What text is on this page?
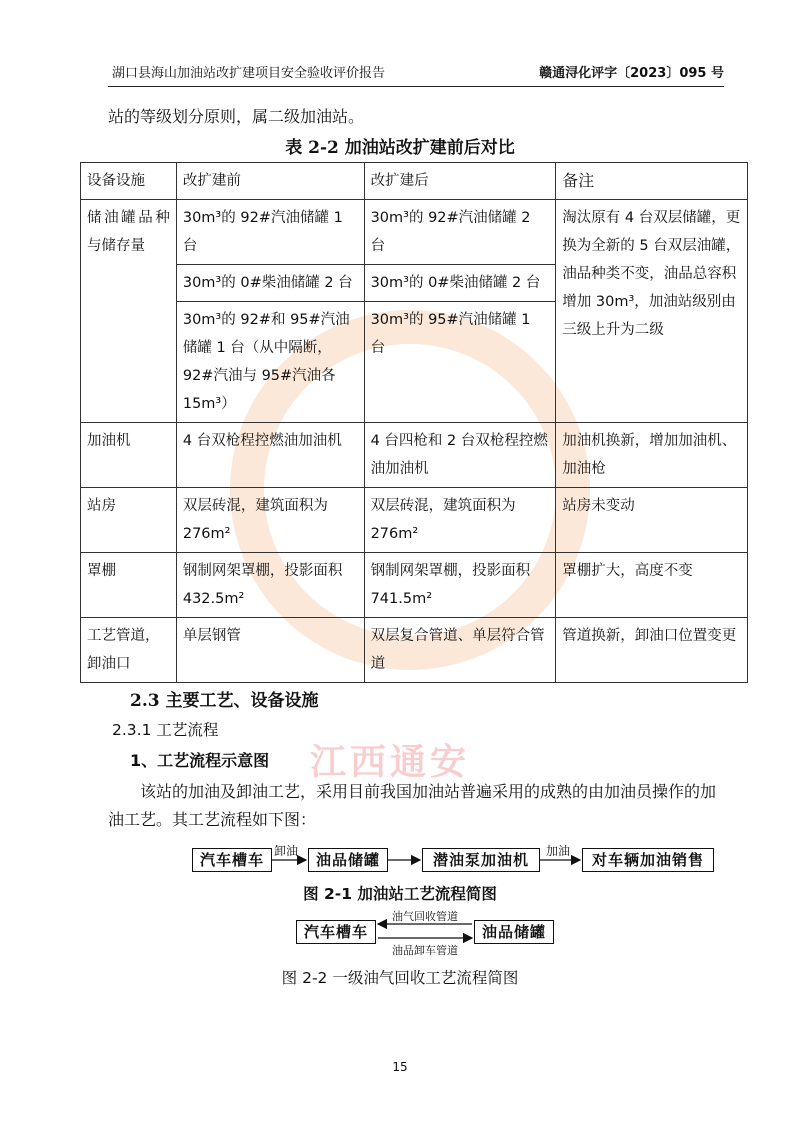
江西通安
湖口县海山加油站改扩建项目安全验收评价报告	赣通浔化评字〔2023〕095 号
站的等级划分原则，属二级加油站。
表 2-2 加油站改扩建前后对比
设备设施	改扩建前	改扩建后	备注
储油罐品种与储存量	30m³的 92#汽油储罐 1 台	30m³的 92#汽油储罐 2 台	淘汰原有 4 台双层储罐，更换为全新的 5 台双层油罐，油品种类不变，油品总容积增加 30m³，加油站级别由三级上升为二级
	30m³的 0#柴油储罐 2 台	30m³的 0#柴油储罐 2 台	
	30m³的 92#和 95#汽油储罐 1 台（从中隔断，92#汽油与 95#汽油各 15m³）	30m³的 95#汽油储罐 1 台	
加油机	4 台双枪程控燃油加油机	4 台四枪和 2 台双枪程控燃油加油机	加油机换新，增加加油机、加油枪
站房	双层砖混，建筑面积为 276m²	双层砖混，建筑面积为 276m²	站房未变动
罩棚	钢制网架罩棚，投影面积 432.5m²	钢制网架罩棚，投影面积 741.5m²	罩棚扩大，高度不变
工艺管道，卸油口	单层钢管	双层复合管道、单层符合管道	管道换新，卸油口位置变更
2.3 主要工艺、设备设施
2.3.1 工艺流程
1、工艺流程示意图
该站的加油及卸油工艺，采用目前我国加油站普遍采用的成熟的由加油员操作的加油工艺。其工艺流程如下图：
汽车槽车	油品储罐	潜油泵加油机	对车辆加油销售
卸油	加油
图 2-1 加油站工艺流程简图
汽车槽车	油品储罐
油气回收管道
油品卸车管道
图 2-2 一级油气回收工艺流程简图
15
